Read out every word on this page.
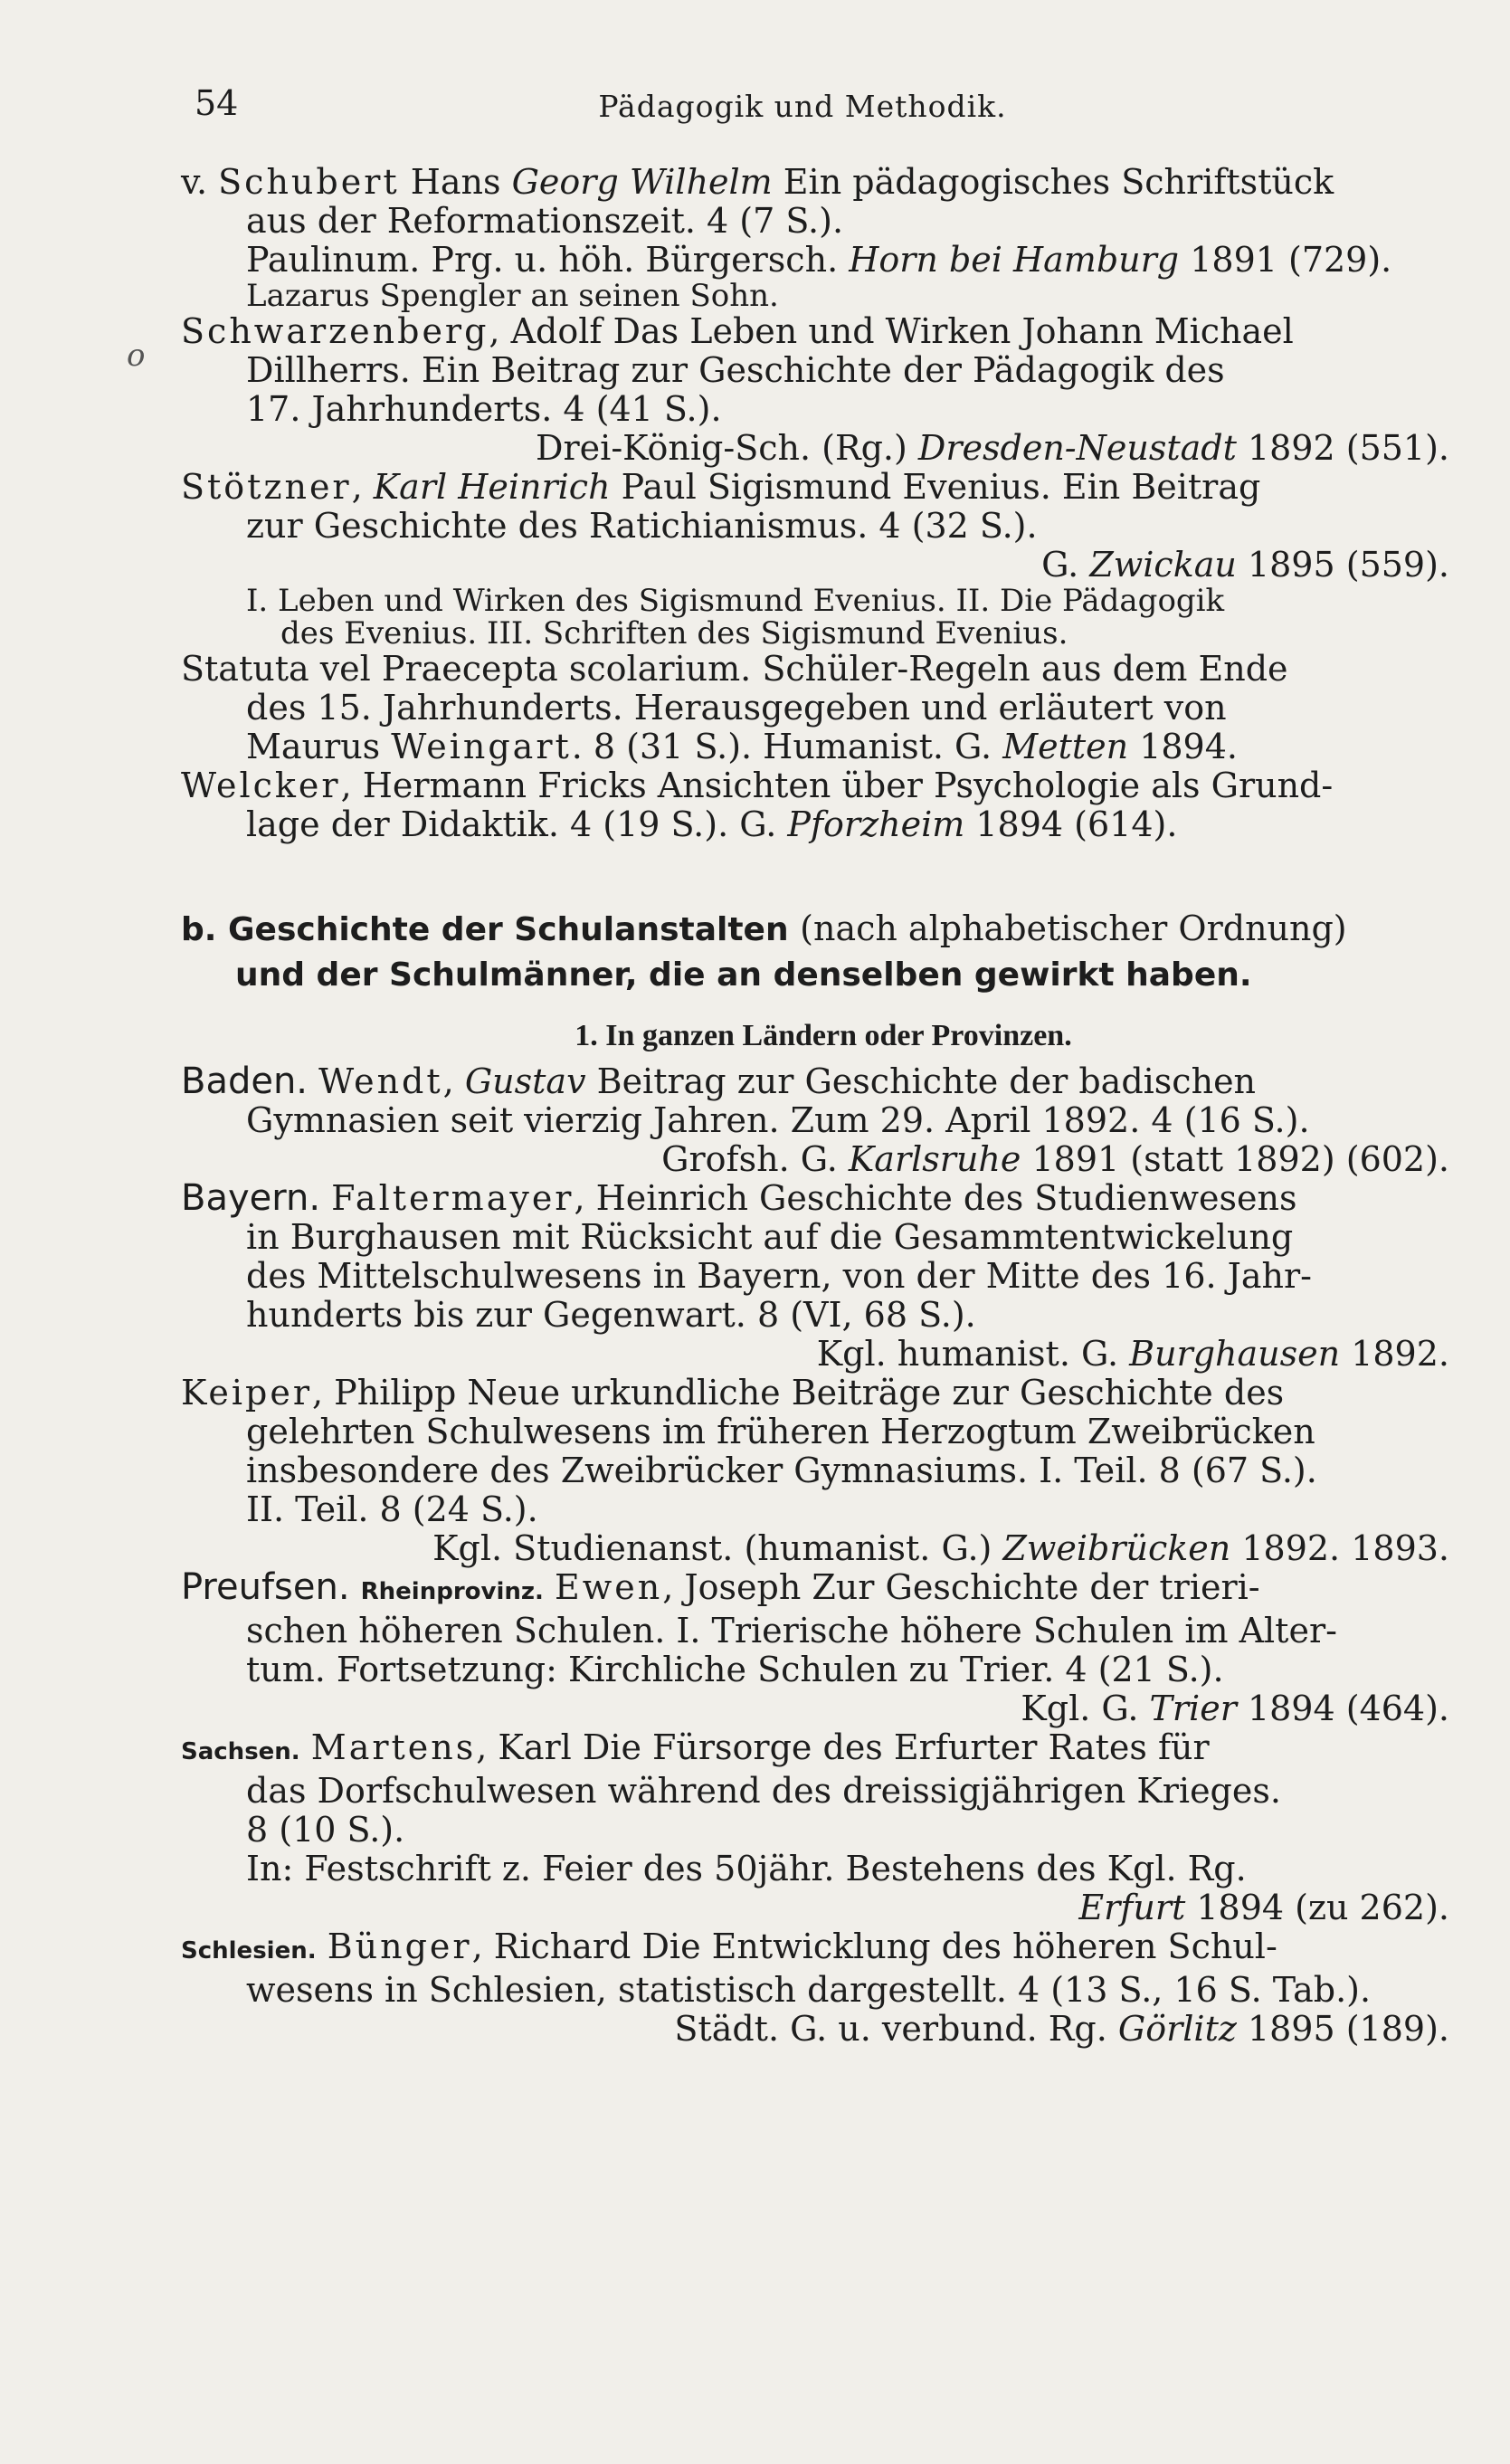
54	Pädagogik und Methodik.
o
v. Schubert Hans Georg Wilhelm Ein pädagogisches Schriftstück
aus der Reformationszeit. 4 (7 S.).
Paulinum. Prg. u. höh. Bürgersch. Horn bei Hamburg 1891 (729).
Lazarus Spengler an seinen Sohn.
Schwarzenberg, Adolf Das Leben und Wirken Johann Michael
Dillherrs. Ein Beitrag zur Geschichte der Pädagogik des
17. Jahrhunderts. 4 (41 S.).
Drei-König-Sch. (Rg.) Dresden-Neustadt 1892 (551).
Stötzner, Karl Heinrich Paul Sigismund Evenius. Ein Beitrag
zur Geschichte des Ratichianismus. 4 (32 S.).
G. Zwickau 1895 (559).
I. Leben und Wirken des Sigismund Evenius. II. Die Pädagogik
des Evenius. III. Schriften des Sigismund Evenius.
Statuta vel Praecepta scolarium. Schüler-Regeln aus dem Ende
des 15. Jahrhunderts. Herausgegeben und erläutert von
Maurus Weingart. 8 (31 S.). Humanist. G. Metten 1894.
Welcker, Hermann Fricks Ansichten über Psychologie als Grund-
lage der Didaktik. 4 (19 S.). G. Pforzheim 1894 (614).
b. Geschichte der Schulanstalten (nach alphabetischer Ordnung)
und der Schulmänner, die an denselben gewirkt haben.
1. In ganzen Ländern oder Provinzen.
Baden. Wendt, Gustav Beitrag zur Geschichte der badischen
Gymnasien seit vierzig Jahren. Zum 29. April 1892. 4 (16 S.).
Grofsh. G. Karlsruhe 1891 (statt 1892) (602).
Bayern. Faltermayer, Heinrich Geschichte des Studienwesens
in Burghausen mit Rücksicht auf die Gesammtentwickelung
des Mittelschulwesens in Bayern, von der Mitte des 16. Jahr-
hunderts bis zur Gegenwart. 8 (VI, 68 S.).
Kgl. humanist. G. Burghausen 1892.
Keiper, Philipp Neue urkundliche Beiträge zur Geschichte des
gelehrten Schulwesens im früheren Herzogtum Zweibrücken
insbesondere des Zweibrücker Gymnasiums. I. Teil. 8 (67 S.).
II. Teil. 8 (24 S.).
Kgl. Studienanst. (humanist. G.) Zweibrücken 1892. 1893.
Preufsen. Rheinprovinz. Ewen, Joseph Zur Geschichte der trieri-
schen höheren Schulen. I. Trierische höhere Schulen im Alter-
tum. Fortsetzung: Kirchliche Schulen zu Trier. 4 (21 S.).
Kgl. G. Trier 1894 (464).
Sachsen. Martens, Karl Die Fürsorge des Erfurter Rates für
das Dorfschulwesen während des dreissigjährigen Krieges.
8 (10 S.).
In: Festschrift z. Feier des 50jähr. Bestehens des Kgl. Rg.
Erfurt 1894 (zu 262).
Schlesien. Bünger, Richard Die Entwicklung des höheren Schul-
wesens in Schlesien, statistisch dargestellt. 4 (13 S., 16 S. Tab.).
Städt. G. u. verbund. Rg. Görlitz 1895 (189).
